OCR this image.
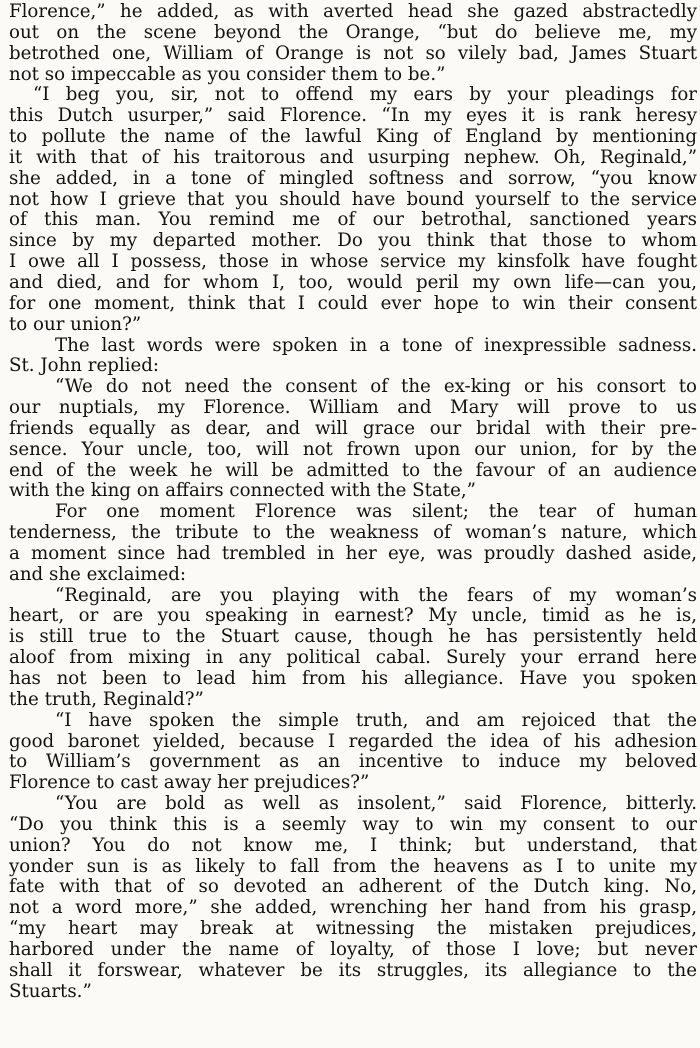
Florence,” he added, as with averted head she gazed abstractedly
out on the scene beyond the Orange, “but do believe me, my
betrothed one, William of Orange is not so vilely bad, James Stuart
not so impeccable as you consider them to be.”
“I beg you, sir, not to offend my ears by your pleadings for
this Dutch usurper,” said Florence. “In my eyes it is rank heresy
to pollute the name of the lawful King of England by mentioning
it with that of his traitorous and usurping nephew. Oh, Reginald,”
she added, in a tone of mingled softness and sorrow, “you know
not how I grieve that you should have bound yourself to the service
of this man. You remind me of our betrothal, sanctioned years
since by my departed mother. Do you think that those to whom
I owe all I possess, those in whose service my kinsfolk have fought
and died, and for whom I, too, would peril my own life—can you,
for one moment, think that I could ever hope to win their consent
to our union?”
The last words were spoken in a tone of inexpressible sadness.
St. John replied:
“We do not need the consent of the ex-king or his consort to
our nuptials, my Florence. William and Mary will prove to us
friends equally as dear, and will grace our bridal with their pre-
sence. Your uncle, too, will not frown upon our union, for by the
end of the week he will be admitted to the favour of an audience
with the king on affairs connected with the State,”
For one moment Florence was silent; the tear of human
tenderness, the tribute to the weakness of woman’s nature, which
a moment since had trembled in her eye, was proudly dashed aside,
and she exclaimed:
“Reginald, are you playing with the fears of my woman’s
heart, or are you speaking in earnest? My uncle, timid as he is,
is still true to the Stuart cause, though he has persistently held
aloof from mixing in any political cabal. Surely your errand here
has not been to lead him from his allegiance. Have you spoken
the truth, Reginald?”
“I have spoken the simple truth, and am rejoiced that the
good baronet yielded, because I regarded the idea of his adhesion
to William’s government as an incentive to induce my beloved
Florence to cast away her prejudices?”
“You are bold as well as insolent,” said Florence, bitterly.
“Do you think this is a seemly way to win my consent to our
union? You do not know me, I think; but understand, that
yonder sun is as likely to fall from the heavens as I to unite my
fate with that of so devoted an adherent of the Dutch king. No,
not a word more,” she added, wrenching her hand from his grasp,
“my heart may break at witnessing the mistaken prejudices,
harbored under the name of loyalty, of those I love; but never
shall it forswear, whatever be its struggles, its allegiance to the
Stuarts.”
